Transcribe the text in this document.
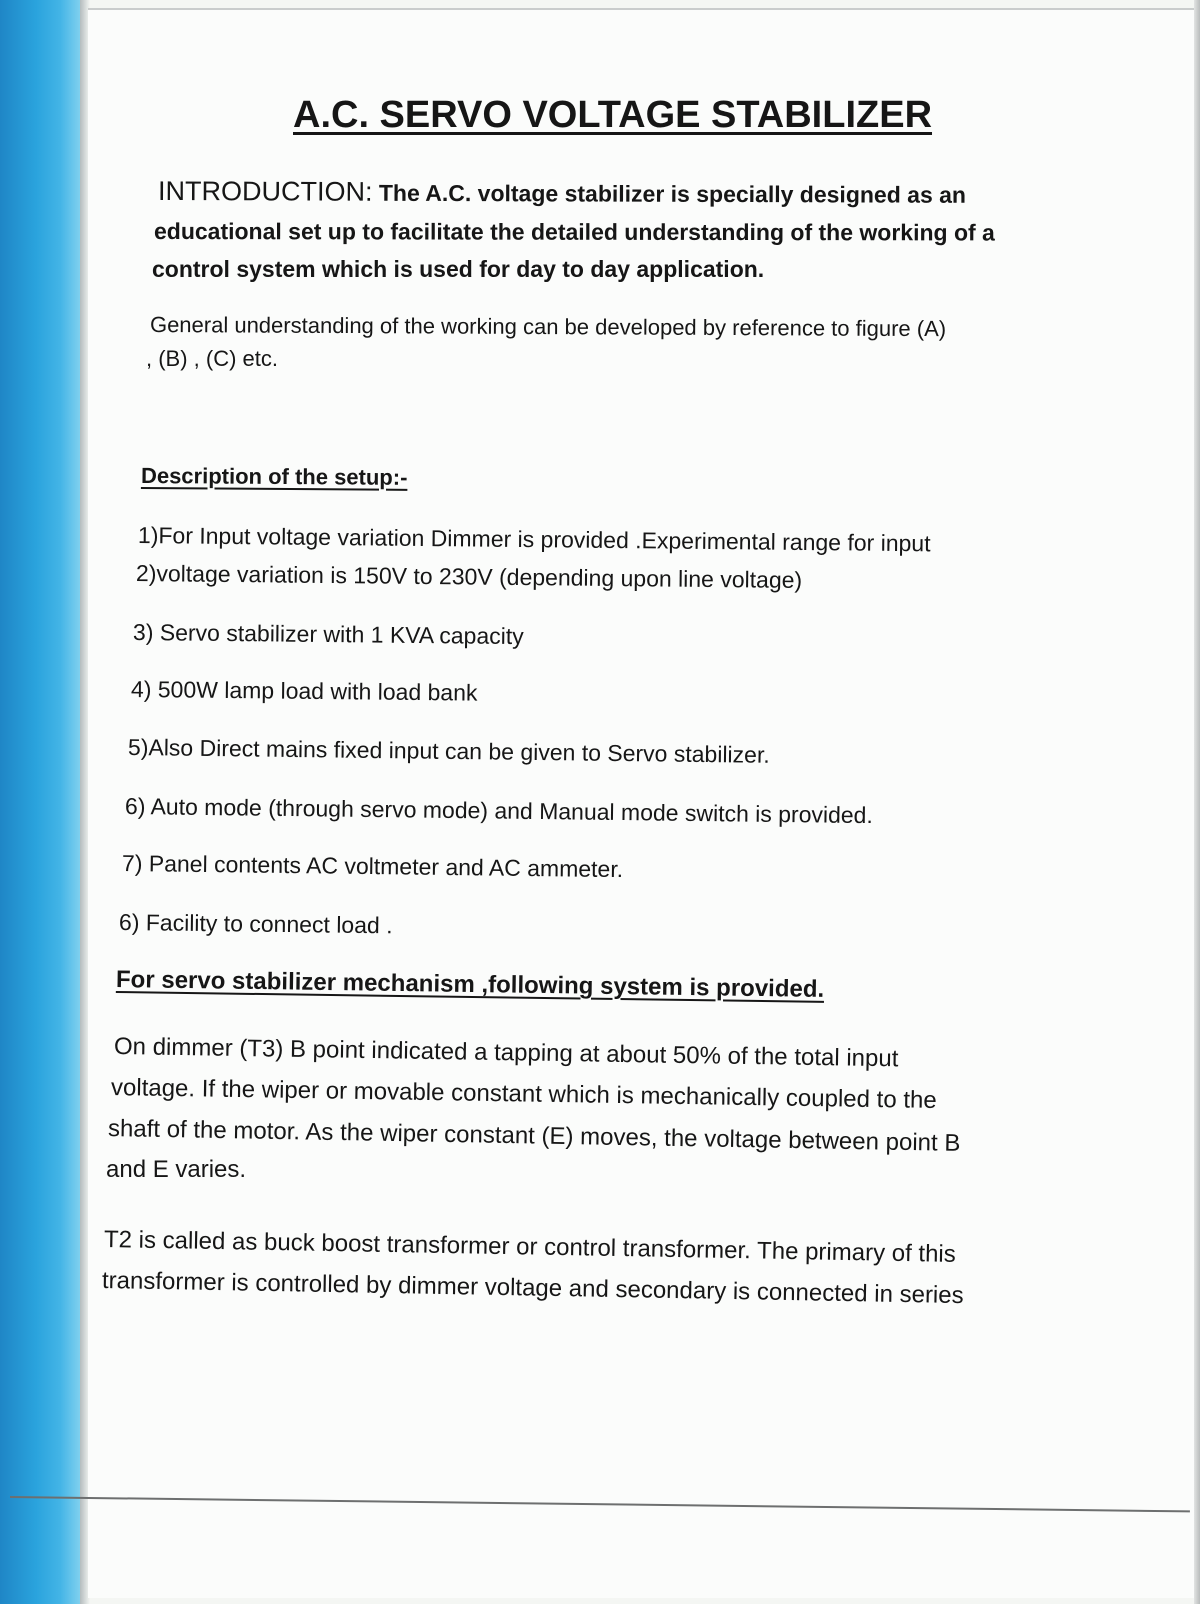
A.C. SERVO VOLTAGE STABILIZER
INTRODUCTION: The A.C. voltage stabilizer is specially designed as an
educational set up to facilitate the detailed understanding of the working of a
control system which is used for day to day application.
General understanding of the working can be developed by reference to figure (A)
, (B) , (C) etc.
Description of the setup:-
1)For Input voltage variation Dimmer is provided .Experimental range for input
2)voltage variation is 150V to 230V (depending upon line voltage)
3) Servo stabilizer with 1 KVA capacity
4) 500W lamp load with load bank
5)Also Direct mains fixed input can be given to Servo stabilizer.
6) Auto mode (through servo mode) and Manual mode switch is provided.
7) Panel contents AC voltmeter and AC ammeter.
6) Facility to connect load .
For servo stabilizer mechanism ,following system is provided.
On dimmer (T3) B point indicated a tapping at about 50% of the total input
voltage. If the wiper or movable constant which is mechanically coupled to the
shaft of the motor. As the wiper constant (E) moves, the voltage between point B
and E varies.
T2 is called as buck boost transformer or control transformer. The primary of this
transformer is controlled by dimmer voltage and secondary is connected in series
